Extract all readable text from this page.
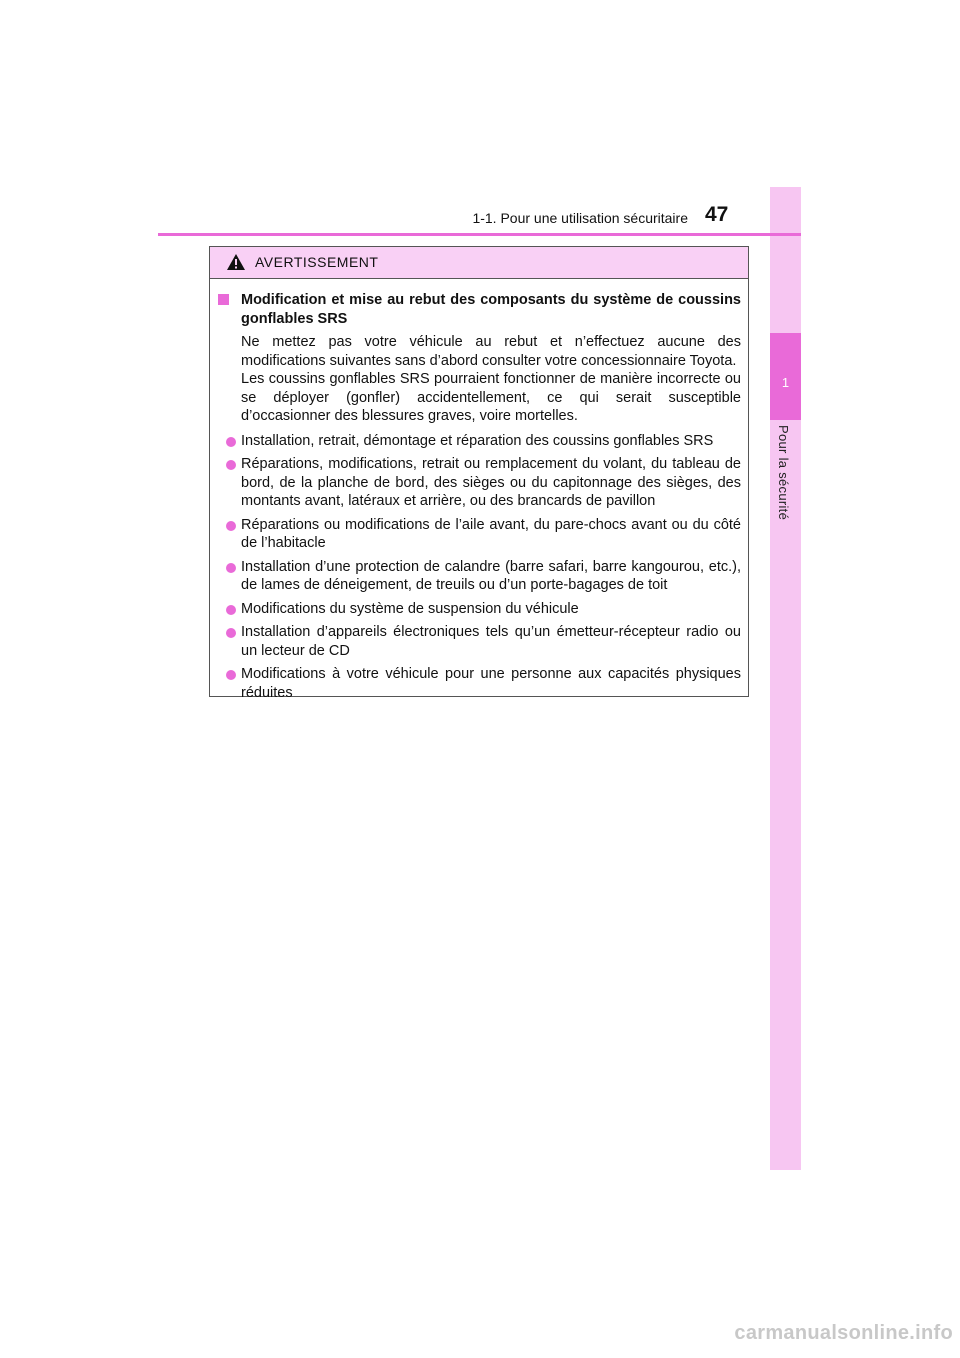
1
Pour la sécurité
1-1. Pour une utilisation sécuritaire 47
AVERTISSEMENT
Modification et mise au rebut des composants du système de coussins gonflables SRS
Ne mettez pas votre véhicule au rebut et n’effectuez aucune des modifications suivantes sans d’abord consulter votre concessionnaire Toyota.
Les coussins gonflables SRS pourraient fonctionner de manière incorrecte ou se déployer (gonfler) accidentellement, ce qui serait susceptible d’occasionner des blessures graves, voire mortelles.
Installation, retrait, démontage et réparation des coussins gonflables SRS
Réparations, modifications, retrait ou remplacement du volant, du tableau de bord, de la planche de bord, des sièges ou du capitonnage des sièges, des montants avant, latéraux et arrière, ou des brancards de pavillon
Réparations ou modifications de l’aile avant, du pare-chocs avant ou du côté de l’habitacle
Installation d’une protection de calandre (barre safari, barre kangourou, etc.), de lames de déneigement, de treuils ou d’un porte-bagages de toit
Modifications du système de suspension du véhicule
Installation d’appareils électroniques tels qu’un émetteur-récepteur radio ou un lecteur de CD
Modifications à votre véhicule pour une personne aux capacités physiques réduites
carmanualsonline.info
